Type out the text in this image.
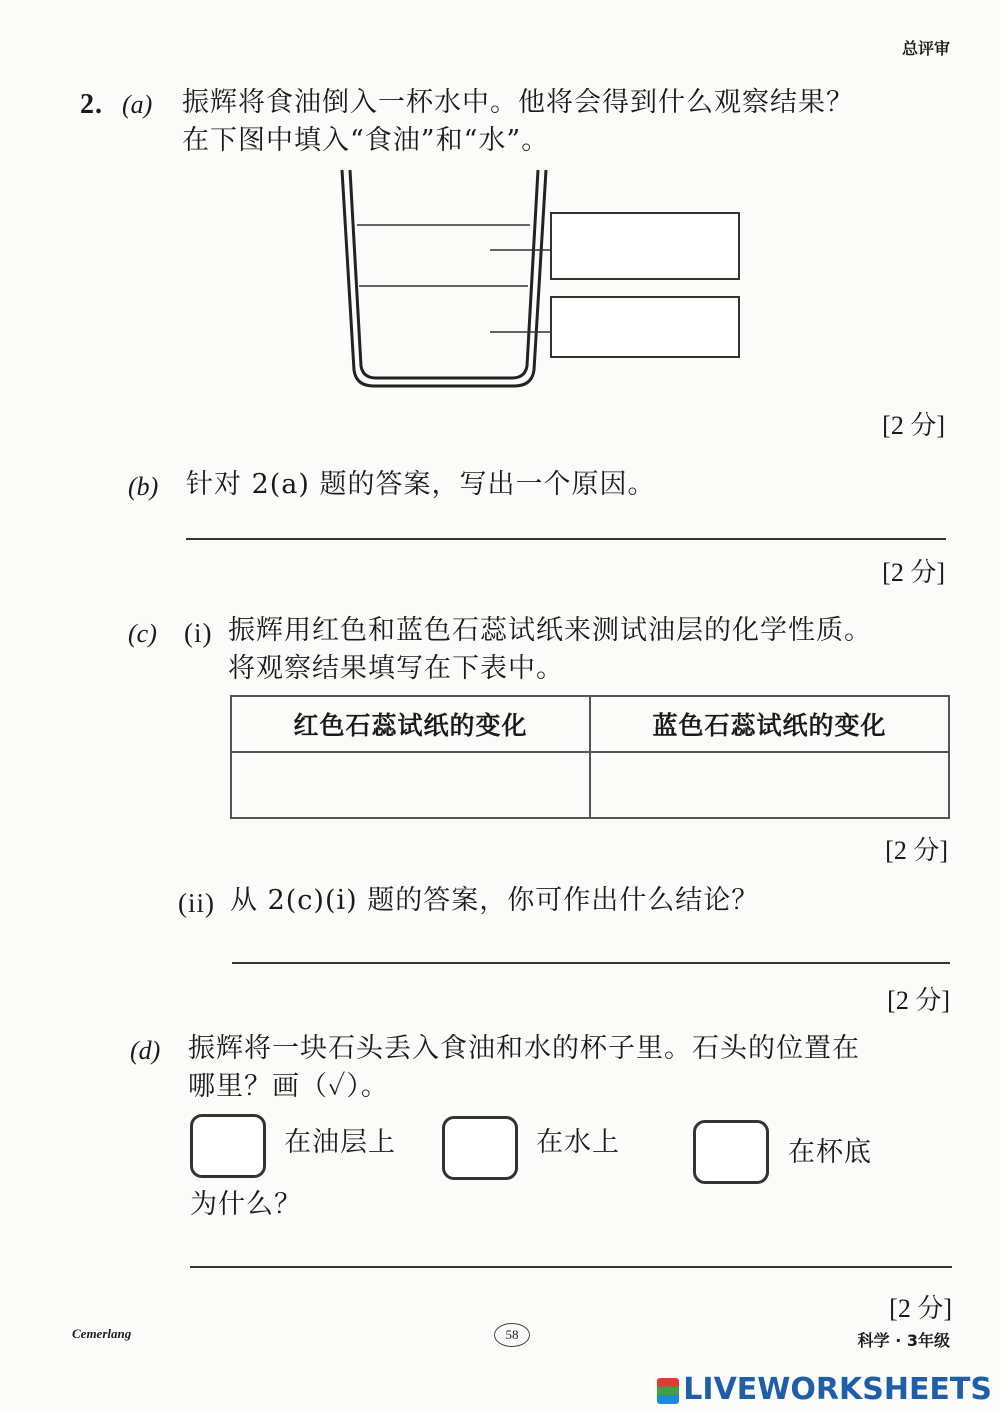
总评审
2. (a) 振辉将食油倒入一杯水中。他将会得到什么观察结果？
在下图中填入“食油”和“水”。
[2 分]
(b) 针对 2(a) 题的答案，写出一个原因。
[2 分]
(c) (i) 振辉用红色和蓝色石蕊试纸来测试油层的化学性质。
将观察结果填写在下表中。
红色石蕊试纸的变化	蓝色石蕊试纸的变化

[2 分]
(ii) 从 2(c)(i) 题的答案，你可作出什么结论？
[2 分]
(d) 振辉将一块石头丢入食油和水的杯子里。石头的位置在
哪里？画（✓）。
在油层上	在水上	在杯底
为什么？
[2 分]
Cemerlang	58	科学 · 3年级
LIVEWORKSHEETS
